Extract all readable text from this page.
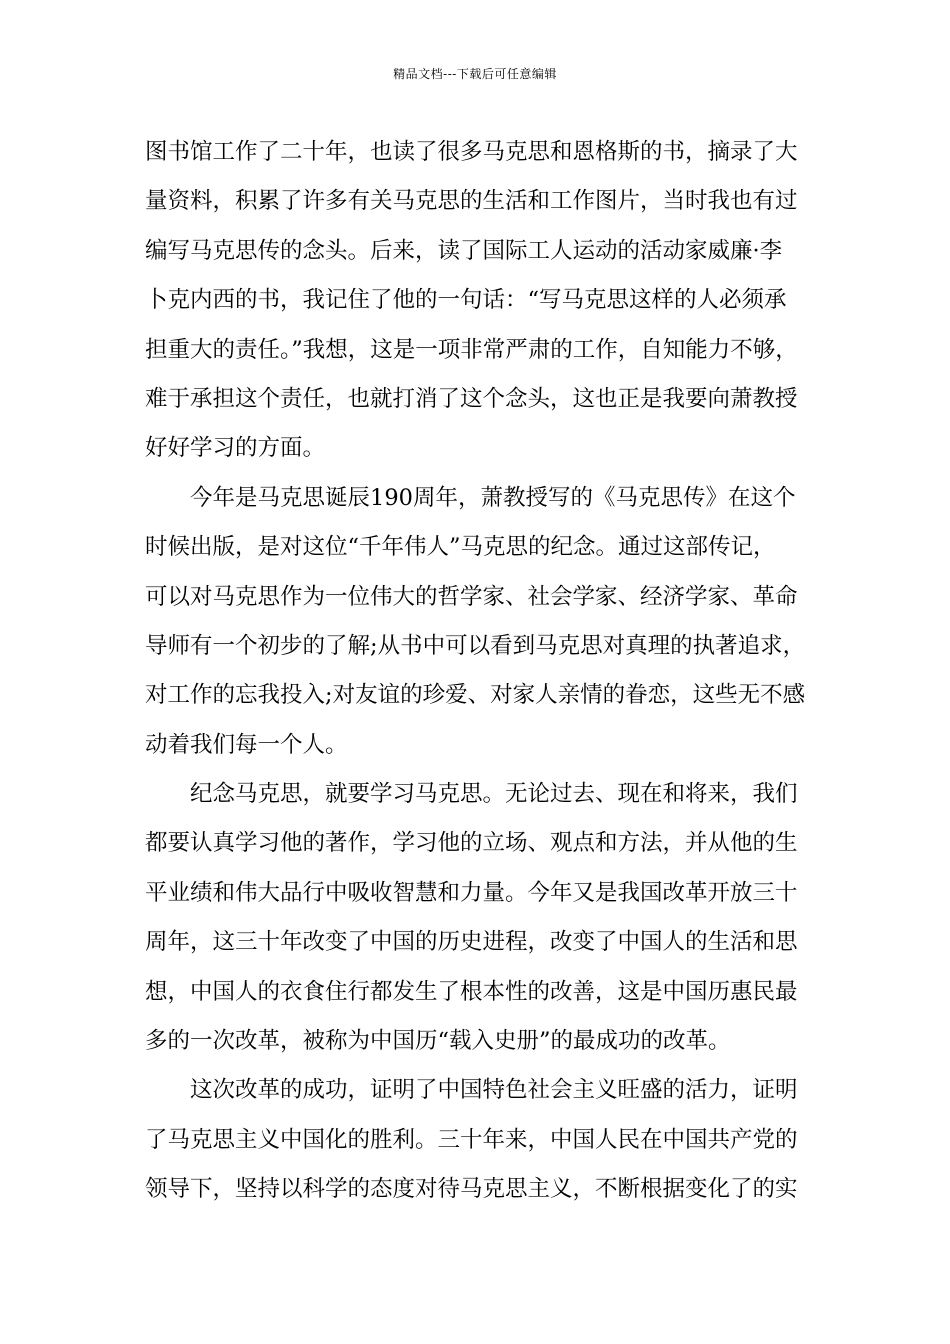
精品文档---下载后可任意编辑
图书馆工作了二十年，也读了很多马克思和恩格斯的书，摘录了大
量资料，积累了许多有关马克思的生活和工作图片，当时我也有过
编写马克思传的念头。后来，读了国际工人运动的活动家威廉·李
卜克内西的书，我记住了他的一句话：“写马克思这样的人必须承
担重大的责任。”我想，这是一项非常严肃的工作，自知能力不够，
难于承担这个责任，也就打消了这个念头，这也正是我要向萧教授
好好学习的方面。
今年是马克思诞辰190周年，萧教授写的《马克思传》在这个
时候出版，是对这位“千年伟人”马克思的纪念。通过这部传记，
可以对马克思作为一位伟大的哲学家、社会学家、经济学家、革命
导师有一个初步的了解;从书中可以看到马克思对真理的执著追求，
对工作的忘我投入;对友谊的珍爱、对家人亲情的眷恋，这些无不感
动着我们每一个人。
纪念马克思，就要学习马克思。无论过去、现在和将来，我们
都要认真学习他的著作，学习他的立场、观点和方法，并从他的生
平业绩和伟大品行中吸收智慧和力量。今年又是我国改革开放三十
周年，这三十年改变了中国的历史进程，改变了中国人的生活和思
想，中国人的衣食住行都发生了根本性的改善，这是中国历惠民最
多的一次改革，被称为中国历“载入史册”的最成功的改革。
这次改革的成功，证明了中国特色社会主义旺盛的活力，证明
了马克思主义中国化的胜利。三十年来，中国人民在中国共产党的
领导下，坚持以科学的态度对待马克思主义，不断根据变化了的实
